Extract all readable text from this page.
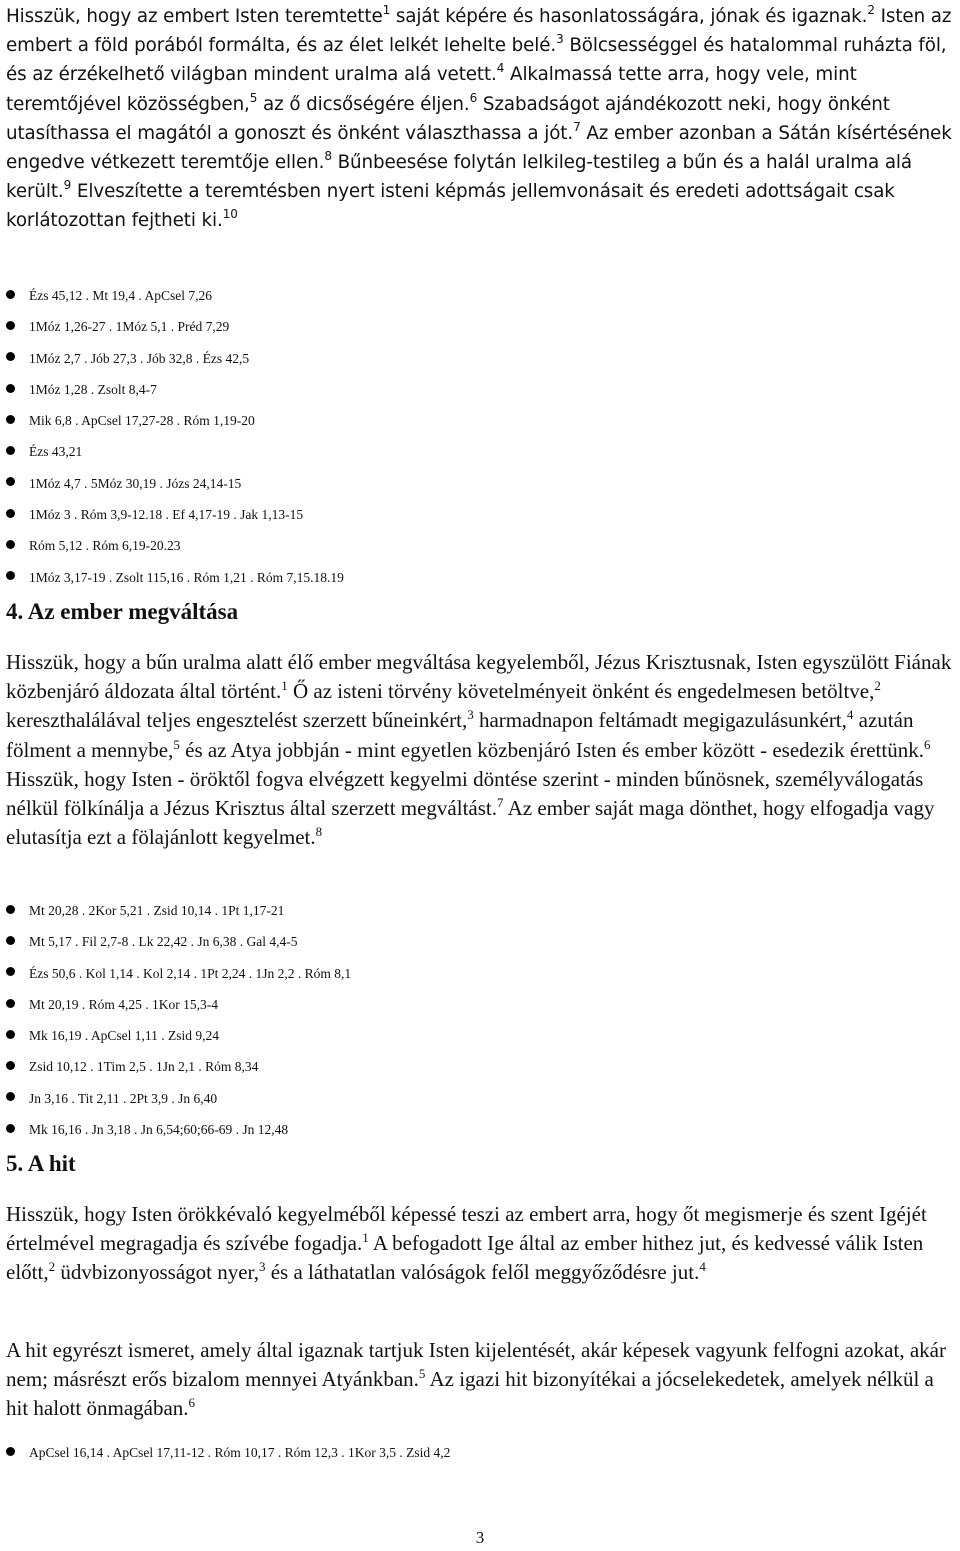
Hisszük, hogy az embert Isten teremtette$^1$ saját képére és hasonlatosságára, jónak és igaznak.$^2$ Isten az embert a föld porából formálta, és az élet lelkét lehelte belé.$^3$ Bölcsességgel és hatalommal ruházta föl, és az érzékelhető világban mindent uralma alá vetett.$^4$ Alkalmassá tette arra, hogy vele, mint teremtőjével közösségben,$^5$ az ő dicsőségére éljen.$^6$ Szabadságot ajándékozott neki, hogy önként utasíthassa el magától a gonoszt és önként választhassa a jót.$^7$ Az ember azonban a Sátán kísértésének engedve vétkezett teremtője ellen.$^8$ Bűnbeesése folytán lelkileg-testileg a bűn és a halál uralma alá került.$^9$ Elveszítette a teremtésben nyert isteni képmás jellemvonásait és eredeti adottságait csak korlátozottan fejtheti ki.$^{10}$

Ézs 45,12 . Mt 19,4 . ApCsel 7,26
1Móz 1,26-27 . 1Móz 5,1 . Préd 7,29
1Móz 2,7 . Jób 27,3 . Jób 32,8 . Ézs 42,5
1Móz 1,28 . Zsolt 8,4-7
Mik 6,8 . ApCsel 17,27-28 . Róm 1,19-20
Ézs 43,21
1Móz 4,7 . 5Móz 30,19 . Józs 24,14-15
1Móz 3 . Róm 3,9-12.18 . Ef 4,17-19 . Jak 1,13-15
Róm 5,12 . Róm 6,19-20.23
1Móz 3,17-19 . Zsolt 115,16 . Róm 1,21 . Róm 7,15.18.19
4. Az ember megváltása

Hisszük, hogy a bűn uralma alatt élő ember megváltása kegyelemből, Jézus Krisztusnak, Isten egyszülött Fiának közbenjáró áldozata által történt.$^1$ Ő az isteni törvény követelményeit önként és engedelmesen betöltve,$^2$ kereszthalálával teljes engesztelést szerzett bűneinkért,$^3$ harmadnapon feltámadt megigazulásunkért,$^4$ azután fölment a mennybe,$^5$ és az Atya jobbján - mint egyetlen közbenjáró Isten és ember között - esedezik érettünk.$^6$ Hisszük, hogy Isten - öröktől fogva elvégzett kegyelmi döntése szerint - minden bűnösnek, személyválogatás nélkül fölkínálja a Jézus Krisztus által szerzett megváltást.$^7$ Az ember saját maga dönthet, hogy elfogadja vagy elutasítja ezt a fölajánlott kegyelmet.$^8$

Mt 20,28 . 2Kor 5,21 . Zsid 10,14 . 1Pt 1,17-21
Mt 5,17 . Fil 2,7-8 . Lk 22,42 . Jn 6,38 . Gal 4,4-5
Ézs 50,6 . Kol 1,14 . Kol 2,14 . 1Pt 2,24 . 1Jn 2,2 . Róm 8,1
Mt 20,19 . Róm 4,25 . 1Kor 15,3-4
Mk 16,19 . ApCsel 1,11 . Zsid 9,24
Zsid 10,12 . 1Tim 2,5 . 1Jn 2,1 . Róm 8,34
Jn 3,16 . Tit 2,11 . 2Pt 3,9 . Jn 6,40
Mk 16,16 . Jn 3,18 . Jn 6,54;60;66-69 . Jn 12,48
5. A hit

Hisszük, hogy Isten örökkévaló kegyelméből képessé teszi az embert arra, hogy őt megismerje és szent Igéjét értelmével megragadja és szívébe fogadja.$^1$ A befogadott Ige által az ember hithez jut, és kedvessé válik Isten előtt,$^2$ üdvbizonyosságot nyer,$^3$ és a láthatatlan valóságok felől meggyőződésre jut.$^4$

A hit egyrészt ismeret, amely által igaznak tartjuk Isten kijelentését, akár képesek vagyunk felfogni azokat, akár nem; másrészt erős bizalom mennyei Atyánkban.$^5$ Az igazi hit bizonyítékai a jócselekedetek, amelyek nélkül a hit halott önmagában.$^6$

ApCsel 16,14 . ApCsel 17,11-12 . Róm 10,17 . Róm 12,3 . 1Kor 3,5 . Zsid 4,2
3
